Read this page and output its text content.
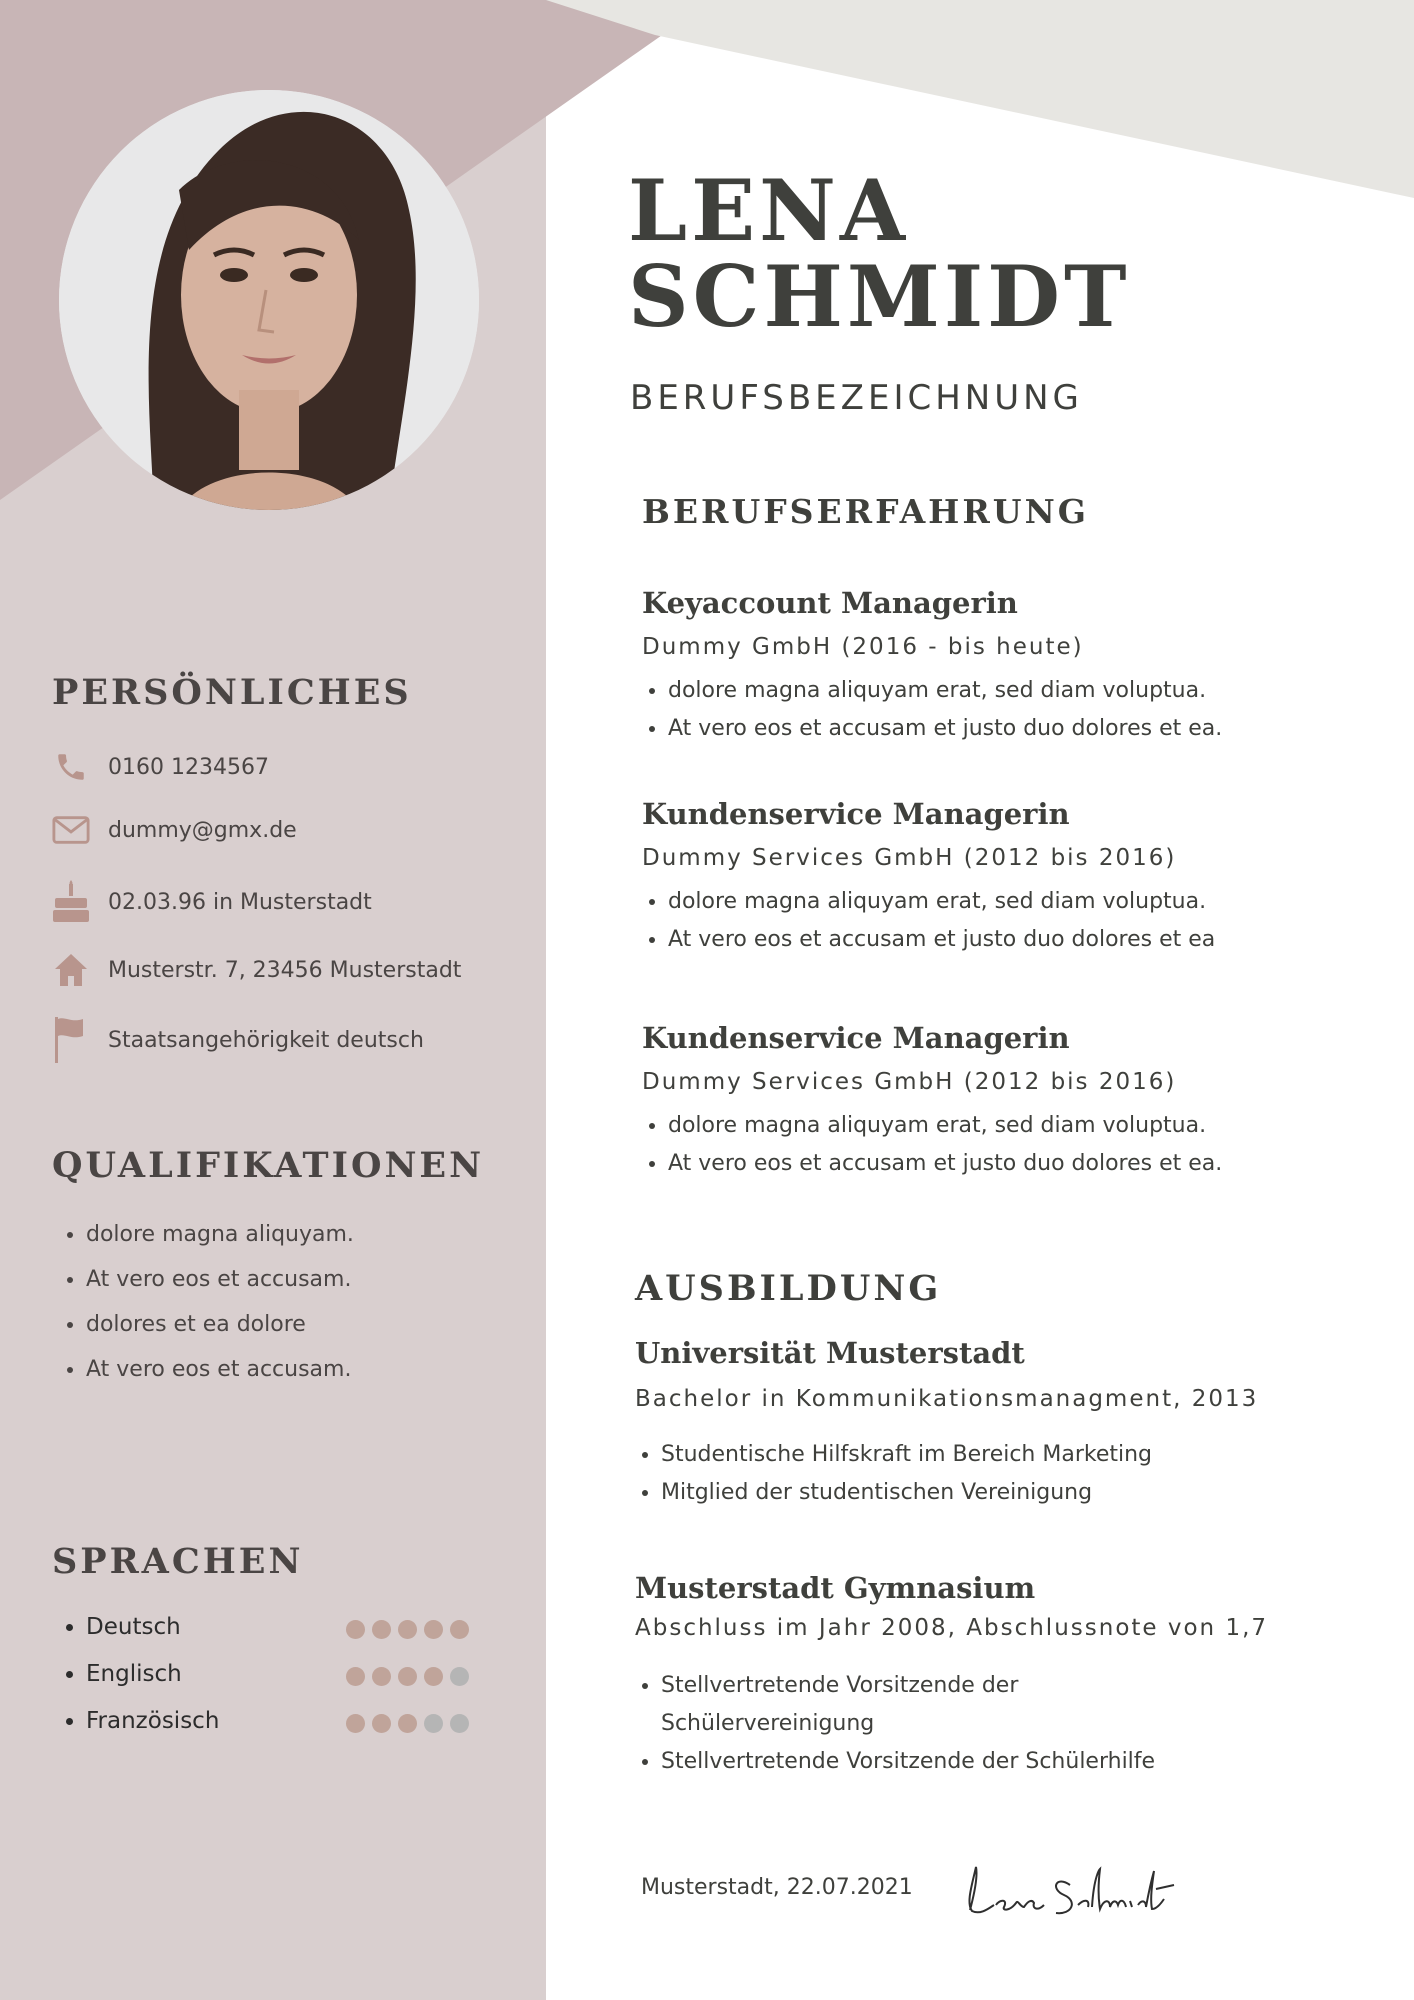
LENA
SCHMIDT
BERUFSBEZEICHNUNG
BERUFSERFAHRUNG
Keyaccount Managerin
Dummy GmbH (2016 - bis heute)
• dolore magna aliquyam erat, sed diam voluptua.
• At vero eos et accusam et justo duo dolores et ea.
Kundenservice Managerin
Dummy Services GmbH (2012 bis 2016)
• dolore magna aliquyam erat, sed diam voluptua.
• At vero eos et accusam et justo duo dolores et ea
Kundenservice Managerin
Dummy Services GmbH (2012 bis 2016)
• dolore magna aliquyam erat, sed diam voluptua.
• At vero eos et accusam et justo duo dolores et ea.
AUSBILDUNG
Universität Musterstadt
Bachelor in Kommunikationsmanagment, 2013
• Studentische Hilfskraft im Bereich Marketing
• Mitglied der studentischen Vereinigung
Musterstadt Gymnasium
Abschluss im Jahr 2008, Abschlussnote von 1,7
• Stellvertretende Vorsitzende der Schülervereinigung
• Stellvertretende Vorsitzende der Schülerhilfe
PERSÖNLICHES
0160 1234567
dummy@gmx.de
02.03.96 in Musterstadt
Musterstr. 7, 23456 Musterstadt
Staatsangehörigkeit deutsch
QUALIFIKATIONEN
• dolore magna aliquyam.
• At vero eos et accusam.
• dolores et ea dolore
• At vero eos et accusam.
SPRACHEN
• Deutsch
• Englisch
• Französisch
Musterstadt, 22.07.2021
